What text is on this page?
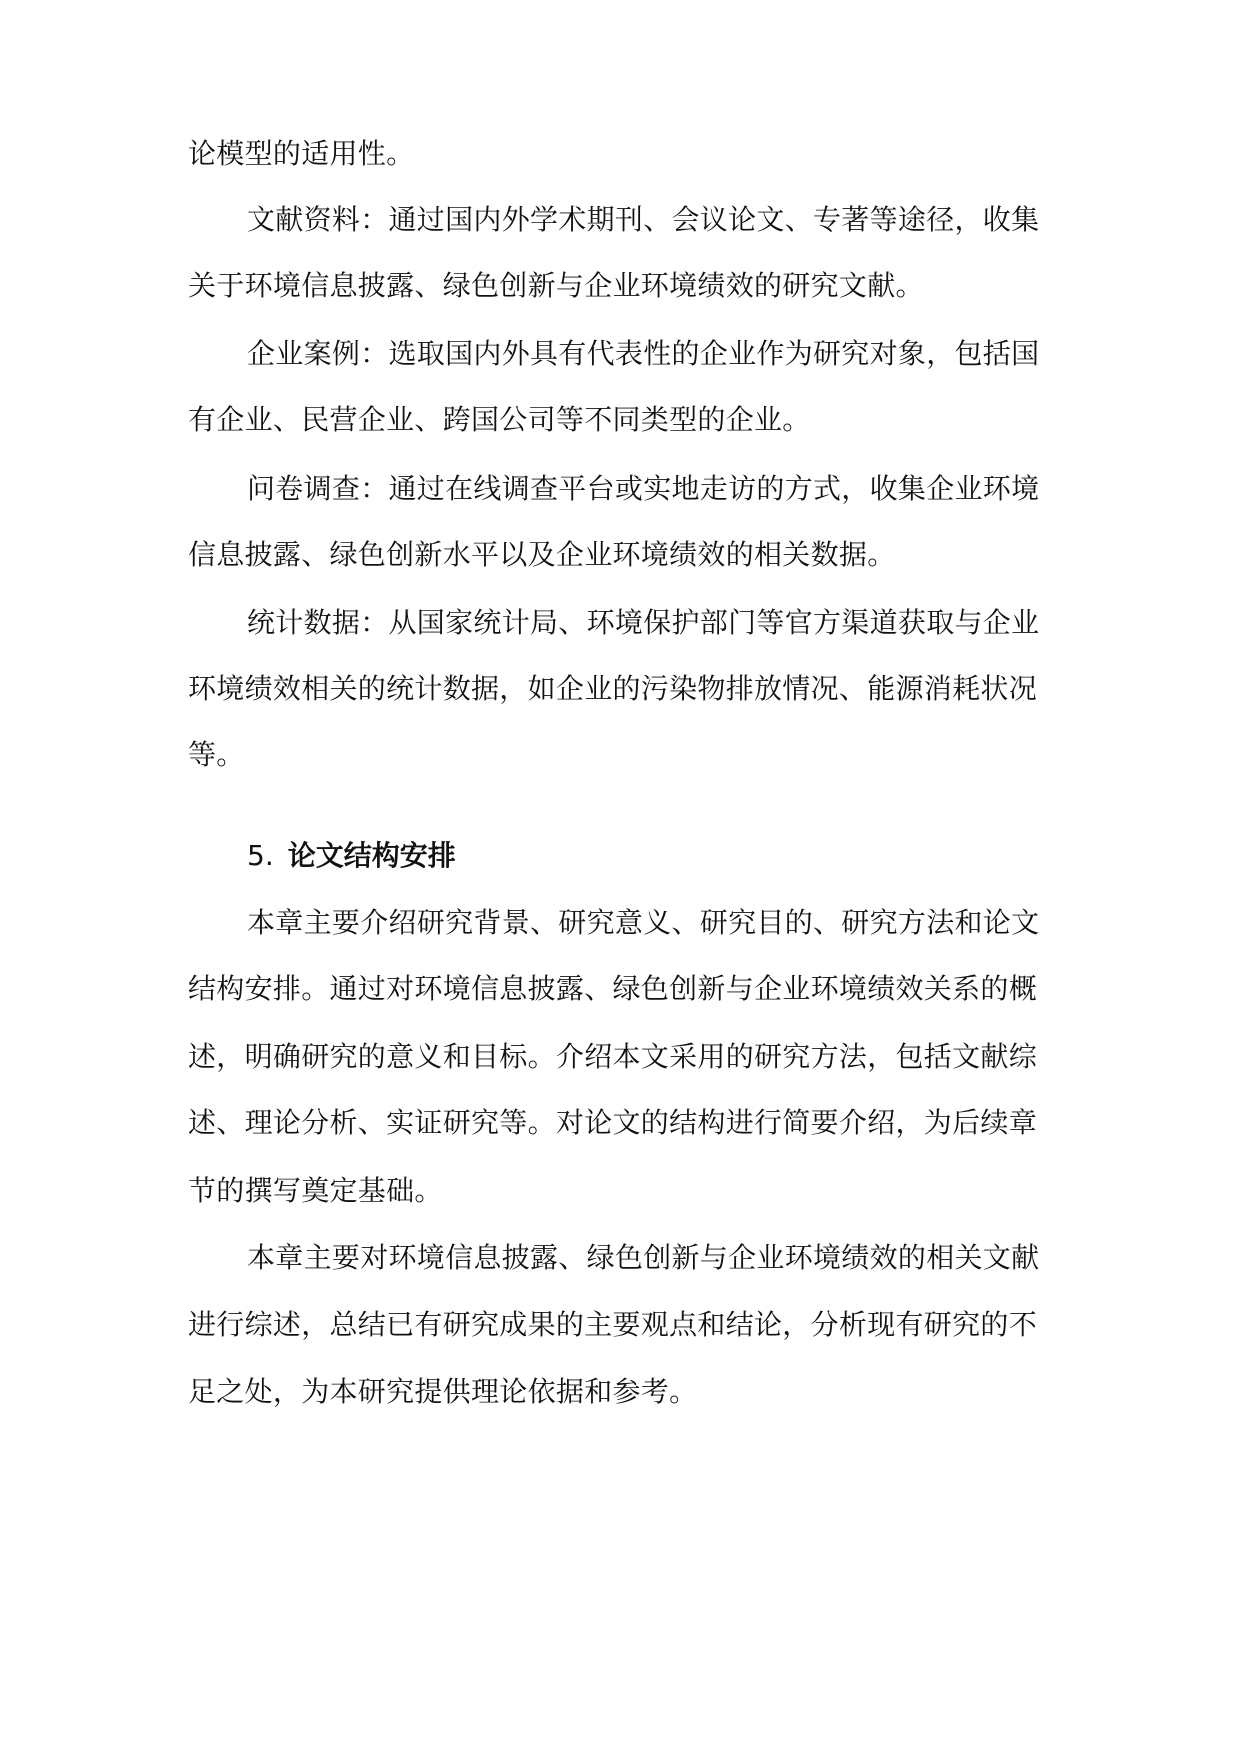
论模型的适用性。

文献资料：通过国内外学术期刊、会议论文、专著等途径，收集

关于环境信息披露、绿色创新与企业环境绩效的研究文献。

企业案例：选取国内外具有代表性的企业作为研究对象，包括国

有企业、民营企业、跨国公司等不同类型的企业。

问卷调查：通过在线调查平台或实地走访的方式，收集企业环境

信息披露、绿色创新水平以及企业环境绩效的相关数据。

统计数据：从国家统计局、环境保护部门等官方渠道获取与企业

环境绩效相关的统计数据，如企业的污染物排放情况、能源消耗状况

等。

5. 论文结构安排

本章主要介绍研究背景、研究意义、研究目的、研究方法和论文

结构安排。通过对环境信息披露、绿色创新与企业环境绩效关系的概

述，明确研究的意义和目标。介绍本文采用的研究方法，包括文献综

述、理论分析、实证研究等。对论文的结构进行简要介绍，为后续章

节的撰写奠定基础。

本章主要对环境信息披露、绿色创新与企业环境绩效的相关文献

进行综述，总结已有研究成果的主要观点和结论，分析现有研究的不

足之处，为本研究提供理论依据和参考。
